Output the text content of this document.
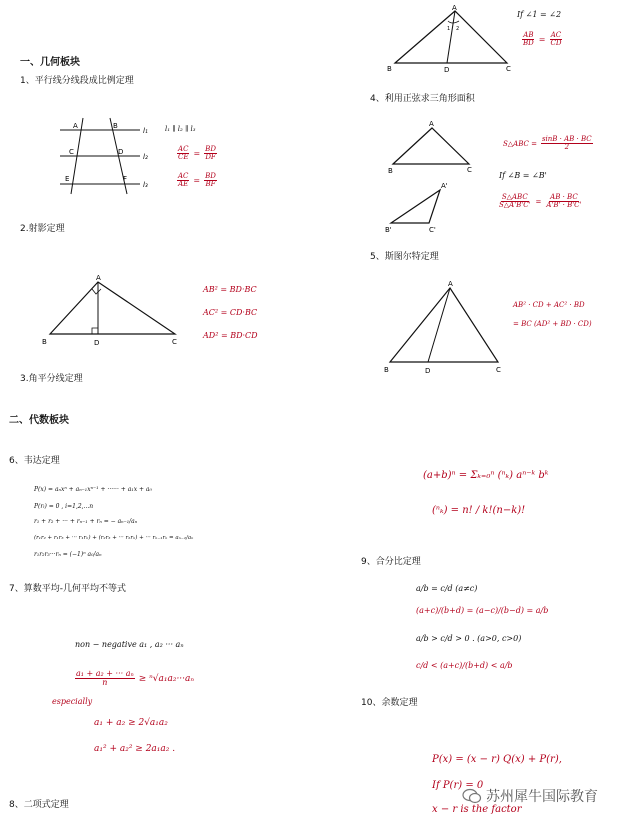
一、几何板块
1、平行线分线段成比例定理
A	B
C	D
E	F
l₁
l₂
l₃
l₁ ∥ l₂ ∥ l₃
$\frac{AC}{CE} = \frac{BD}{DF}$
$\frac{AC}{AE} = \frac{BD}{BF}$
2.射影定理
A
B	D	C
AB² = BD·BC
AC² = CD·BC
AD² = BD·CD
3.角平分线定理
二、代数板块
6、韦达定理
P(x) = aₙxⁿ + aₙ₋₁xⁿ⁻¹ + ······ + a₁x + a₀
P(rᵢ) = 0 , i=1,2,...n
r₁ + r₂ + ··· + rₙ₋₁ + rₙ = − aₙ₋₁/aₙ
(r₁r₂ + r₁r₃ + ··· r₁rₙ) + (r₂r₃ + ··· r₂rₙ) + ··· rₙ₋₁rₙ = aₙ₋₂/aₙ
r₁r₂r₃···rₙ = (−1)ⁿ a₀/aₙ
7、算数平均-几何平均不等式
non − negative a₁ , a₂ ··· aₙ
$\frac{\text{a₁ + a₂ + ··· aₙ}}{n} \ge ^n√a_1a_2\cdot\cdot\cdot a_n$
especially
a₁ + a₂ ≥ 2√a₁a₂
a₁² + a₂² ≥ 2a₁a₂ .
8、二项式定理
A
1 2
B	D	C
If ∠1 = ∠2
$\frac{AB}{BD} = \frac{AC}{CD}$
4、利用正弦求三角形面积
A
B	C
A'
B'	C'
S△ABC = $\frac{\sin B \cdot AB \cdot BC}{2}$
If ∠B = ∠B'
$\frac{\text{S△ABC}}{S\triangle A'B'C'} = \frac{AB \cdot BC}{A'B' \cdot B'C'}$
5、斯图尔特定理
A
B	D	C
AB² · CD + AC² · BD
= BC (AD² + BD · CD)
(a+b)ⁿ = Σₖ₌₀ⁿ (ⁿₖ) aⁿ⁻ᵏ bᵏ
(ⁿₖ) = n! / k!(n−k)!
9、合分比定理
a/b = c/d (a≠c)
(a+c)/(b+d) = (a−c)/(b−d) = a/b
a/b > c/d > 0 . (a>0, c>0)
c/d < (a+c)/(b+d) < a/b
10、余数定理
P(x) = (x − r) Q(x) + P(r),
If P(r) = 0
x − r is the factor
苏州犀牛国际教育
